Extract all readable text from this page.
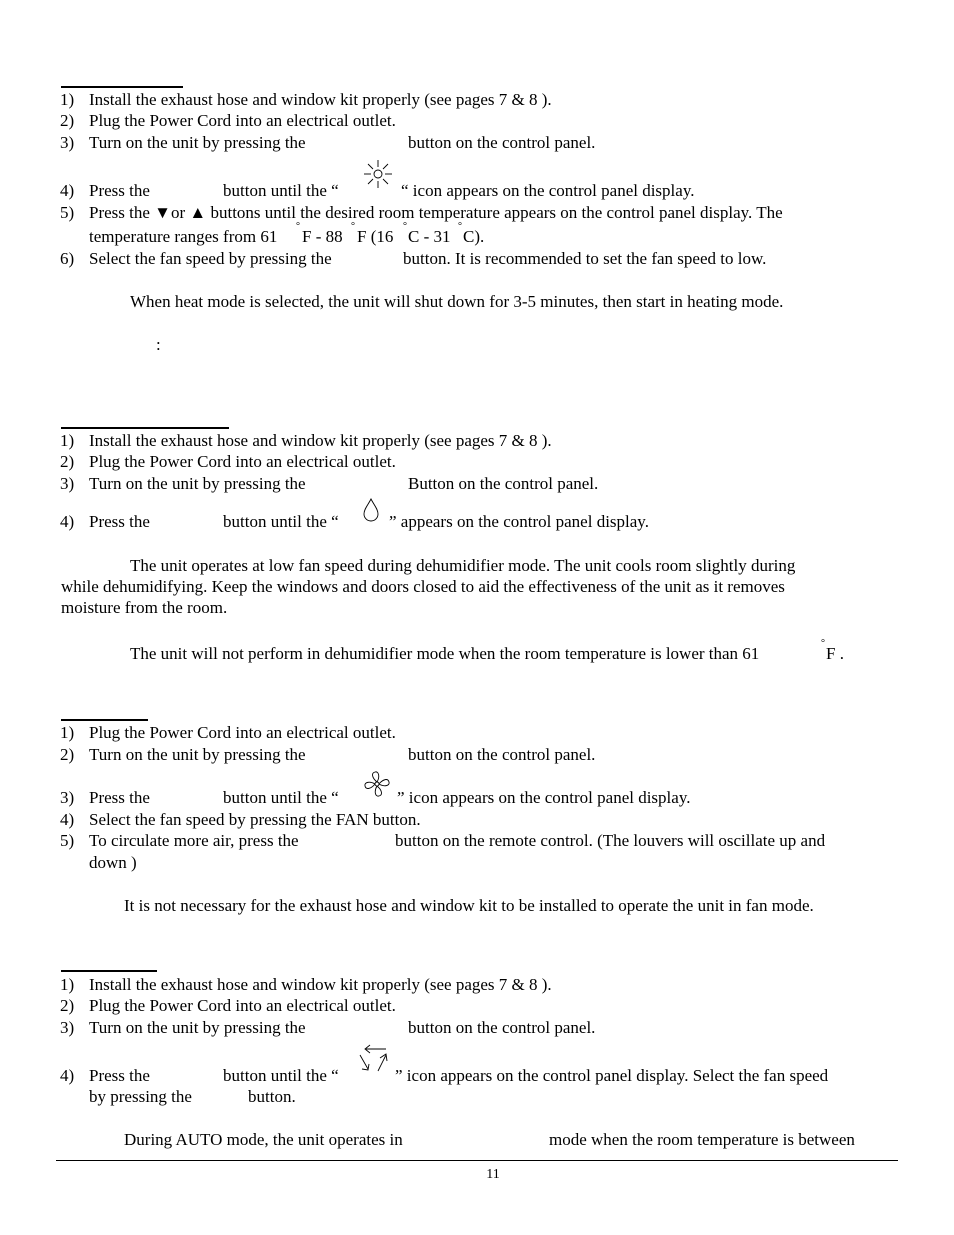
1) Install the exhaust hose and window kit properly (see pages 7 & 8 ).
2) Plug the Power Cord into an electrical outlet.
3) Turn on the unit by pressing the	button on the control panel.
4) Press the	button until the “	“ icon appears on the control panel display.
5) Press the ▼or ▲ buttons until the desired room temperature appears on the control panel display. The
temperature ranges from 61
°
F - 88
°
F (16
°
C - 31
°
C).
6) Select the fan speed by pressing the	button. It is recommended to set the fan speed to low.
When heat mode is selected, the unit will shut down for 3-5 minutes, then start in heating mode.
:
1) Install the exhaust hose and window kit properly (see pages 7 & 8 ).
2) Plug the Power Cord into an electrical outlet.
3) Turn on the unit by pressing the	Button on the control panel.
4) Press the	button until the “	” appears on the control panel display.
The unit operates at low fan speed during dehumidifier mode. The unit cools room slightly during
while dehumidifying. Keep the windows and doors closed to aid the effectiveness of the unit as it removes
moisture from the room.
The unit will not perform in dehumidifier mode when the room temperature is lower than 61
°
F .
1) Plug the Power Cord into an electrical outlet.
2) Turn on the unit by pressing the	button on the control panel.
3) Press the	button until the “	” icon appears on the control panel display.
4) Select the fan speed by pressing the FAN button.
5) To circulate more air, press the	button on the remote control. (The louvers will oscillate up and
down )
It is not necessary for the exhaust hose and window kit to be installed to operate the unit in fan mode.
1) Install the exhaust hose and window kit properly (see pages 7 & 8 ).
2) Plug the Power Cord into an electrical outlet.
3) Turn on the unit by pressing the	button on the control panel.
4) Press the	button until the “	” icon appears on the control panel display. Select the fan speed
by pressing the	button.
During AUTO mode, the unit operates in	mode when the room temperature is between
11
